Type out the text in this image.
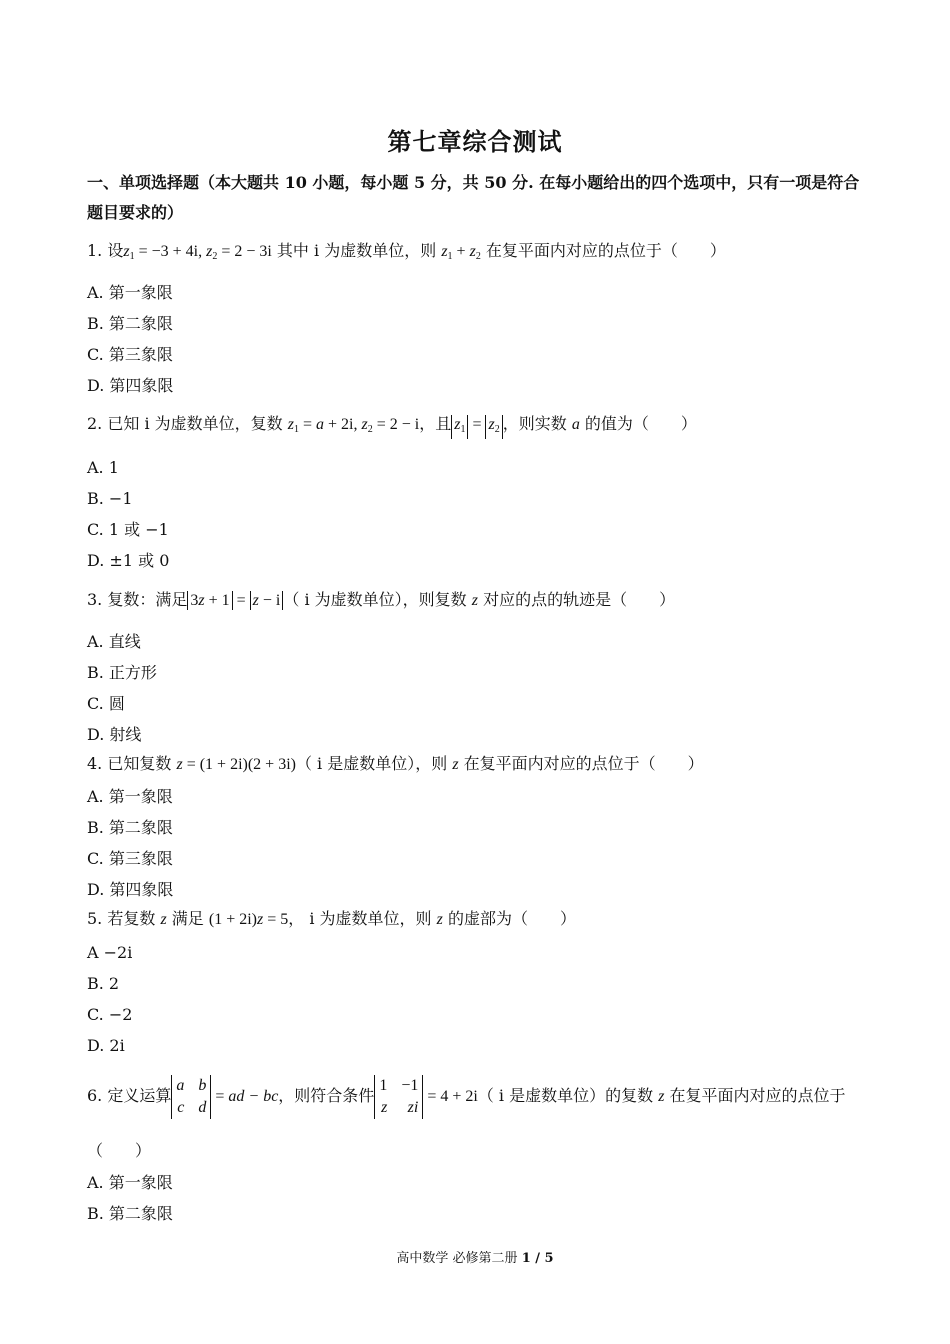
第七章综合测试
一、单项选择题（本大题共 10 小题，每小题 5 分，共 50 分. 在每小题给出的四个选项中，只有一项是符合题目要求的）
1. 设$z_1 = -3 + 4i$, $z_2 = 2 - 3i$ 其中 i 为虚数单位，则 $z_1 + z_2$ 在复平面内对应的点位于（　　）
A. 第一象限
B. 第二象限
C. 第三象限
D. 第四象限
2. 已知 i 为虚数单位，复数 $z_1 = a + 2i$, $z_2 = 2 - i$，且 $z_1 = z_2$ ，则实数 a 的值为（　　）
A. 1
B. −1
C. 1 或 −1
D. ±1 或 0
3. 复数：满足 3z + 1 = z − i （ i 为虚数单位），则复数 z 对应的点的轨迹是（　　）
A. 直线
B. 正方形
C. 圆
D. 射线
4. 已知复数 z = (1 + 2i)(2 + 3i)（ i 是虚数单位），则 z 在复平面内对应的点位于（　　）
A. 第一象限
B. 第二象限
C. 第三象限
D. 第四象限
5. 若复数 z 满足 (1 + 2i)z = 5， i 为虚数单位，则 z 的虚部为（　　）
A −2i
B. 2
C. −2
D. 2i
6. 定义运算
a b
c d
= ad − bc，则符合条件
1 −1
z	zi
= 4 + 2i（ i 是虚数单位）的复数 z 在复平面内对应的点位于
（　　）
A. 第一象限
B. 第二象限
高中数学 必修第二册 1 / 5
